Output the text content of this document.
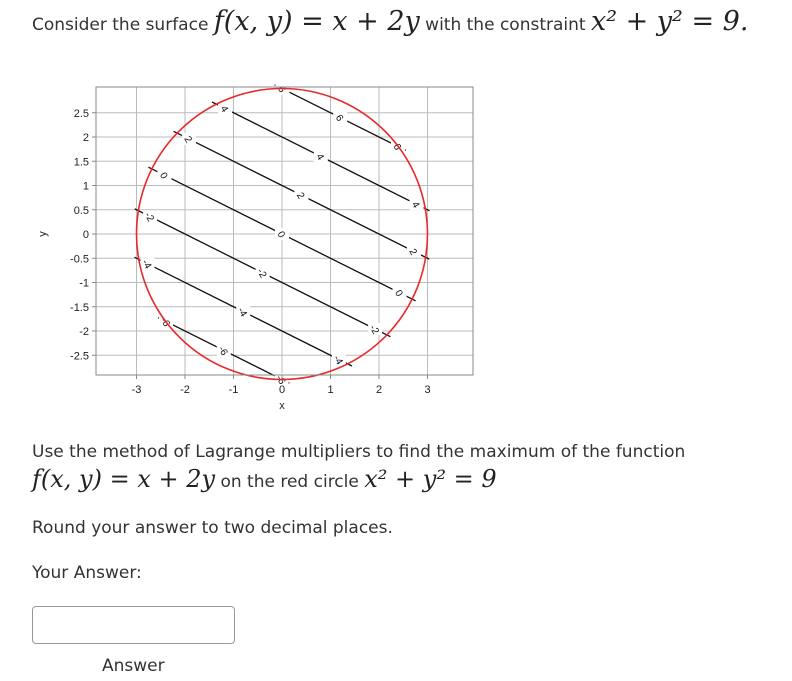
Consider the surface f(x, y) = x + 2y with the constraint x² + y² = 9.
-6
-6
-6
-4
-4
-4
-2
-2
-2
0
0
0
2
2
2
4
4
4
6
6
6
2.5
2
1.5
1
0.5
0
-0.5
-1
-1.5
-2
-2.5
-3	-2	-1	0	1	2	3
x
y
Use the method of Lagrange multipliers to find the maximum of the function
f(x, y) = x + 2y on the red circle x² + y² = 9
Round your answer to two decimal places.
Your Answer:
Answer
